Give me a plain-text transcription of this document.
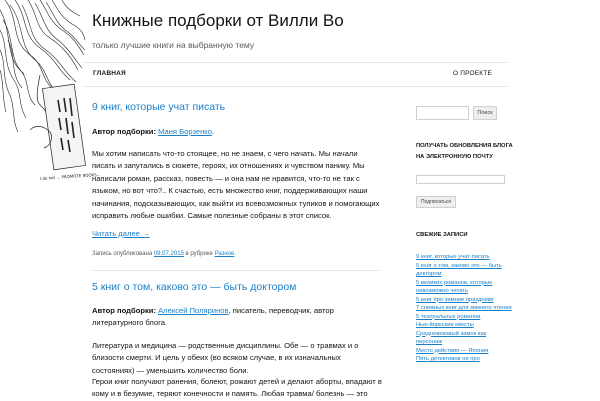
I do not ... PROMOTE BOOKS...
Книжные подборки от Вилли Во
только лучшие книги на выбранную тему
ГЛАВНАЯ	О ПРОЕКТЕ
9 книг, которые учат писать
Автор подборки: Маня Борзенко.
Мы хотим написать что-то стоящее, но не знаем, с чего начать. Мы начали писать и запутались в сюжете, героях, их отношениях и чувством панику. Мы написали роман, рассказ, повесть — и она нам не нравится, что-то не так с языком, но вот что?.. К счастью, есть множество книг, поддерживающих наши начинания, подсказывающих, как выйти из всевозможных тупиков и помогающих исправить любые ошибки. Самые полезные собраны в этот список.
Читать далее →
Запись опубликована 09.07.2015 в рубрике Разное.
5 книг о том, каково это — быть доктором
Автор подборки: Алексей Поляринов, писатель, переводчик, автор литературного блога.
Литература и медицина — родственные дисциплины. Обе — о травмах и о близости смерти. И цель у обеих (во всяком случае, в их изначальных состояниях) — уменьшить количество боли.
Герои книг получают ранения, болеют, рожают детей и делают аборты, впадают в кому и в безумие, теряют конечности и память. Любая травма/ болезнь — это
Поиск
ПОЛУЧАТЬ ОБНОВЛЕНИЯ БЛОГА НА ЭЛЕКТРОННУЮ ПОЧТУ
Подписаться
СВЕЖИЕ ЗАПИСИ
9 книг, которые учат писать
5 книг о том, каково это — быть доктором
5 великих романов, которые невозможно читать
5 книг про зимние праздники
7 снежных книг для зимнего чтения
5 театральных романов
Нью-йоркские квесты
Средневековый замок как персонаж
Место действия — Япония
Пять детективов не про
